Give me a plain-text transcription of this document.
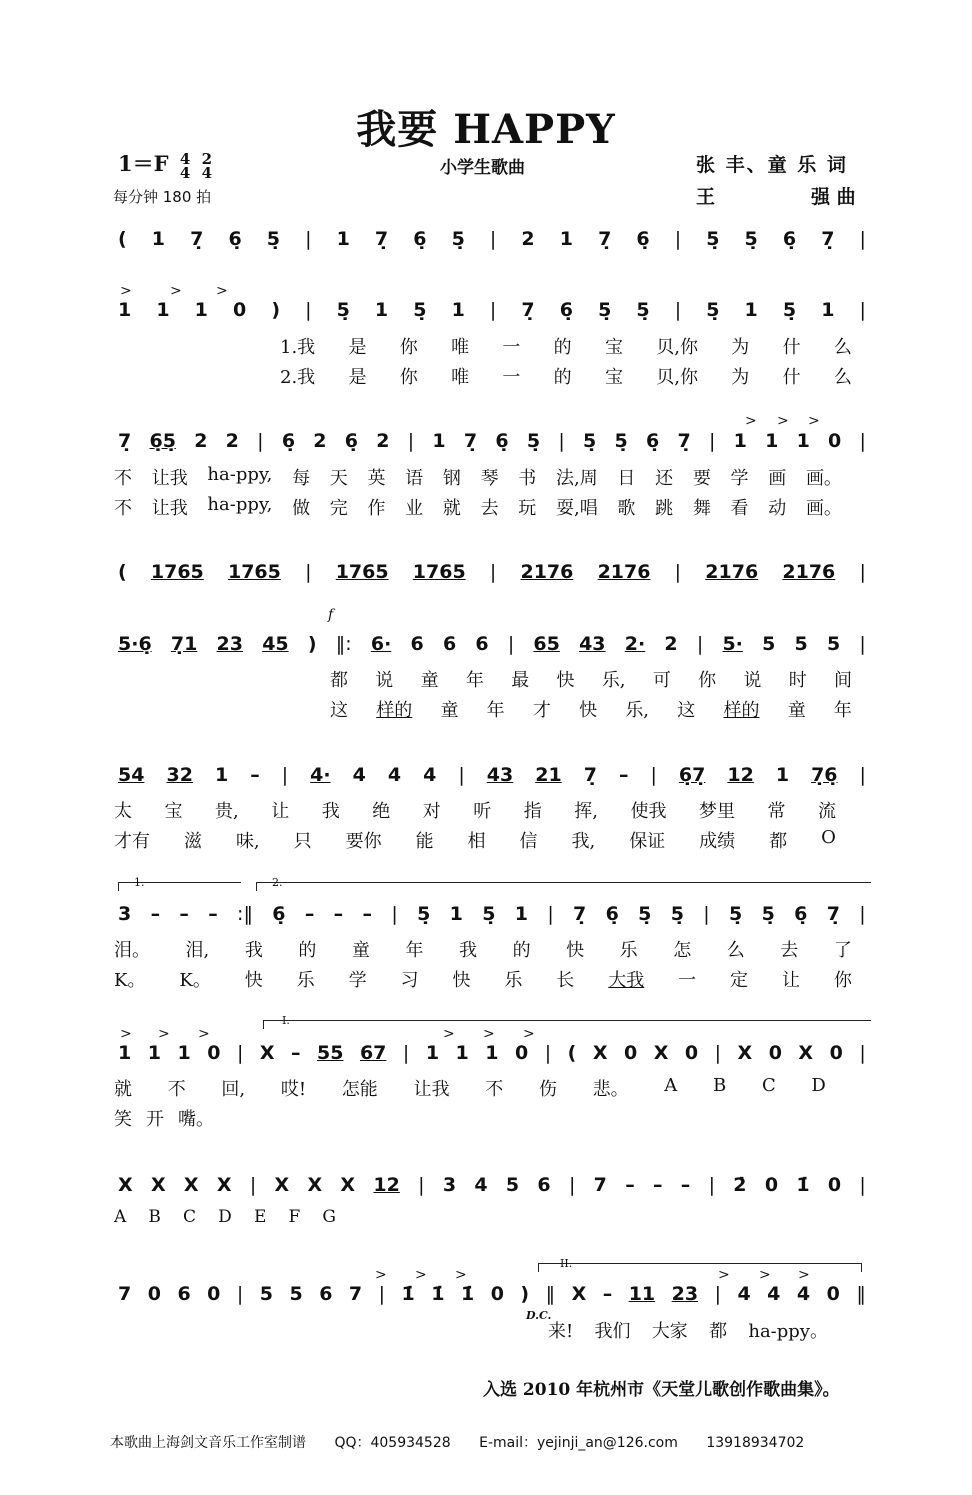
我要 HAPPY
1＝F 4
4

2
4
每分钟 180 拍
小学生歌曲	张 丰、童 乐 词
王	强 曲
( 1 7̣ 6̣ 5̣ | 1 7̣ 6̣ 5̣ | 2 1 7̣ 6̣ | 5̣ 5̣ 6̣ 7̣ |
1 1 1 0 ) | 5̣ 1 5̣ 1 | 7̣ 6̣ 5̣ 5̣ | 5̣ 1 5̣ 1 |
1.我 是 你 唯 一 的 宝 贝,你 为 什 么
2.我 是 你 唯 一 的 宝 贝,你 为 什 么
7̣ 6̣5̣ 2 2 | 6̣ 2 6̣ 2 | 1 7̣ 6̣ 5̣ | 5̣ 5̣ 6̣ 7̣ | 1 1 1 0 |
不 让我 ha-ppy, 每 天 英 语 钢 琴 书 法,周 日 还 要 学 画 画。
不 让我 ha-ppy, 做 完 作 业 就 去 玩 耍,唱 歌 跳 舞 看 动 画。
( 1765 1765 | 1765 1765 | 2176 2176 | 2176 2176 |
f
5·6̣ 7̣1 23 45 ) ‖: 6· 6 6 6 | 65 43 2· 2 | 5· 5 5 5 |
都 说 童 年 最 快 乐, 可 你 说 时 间
这 样的 童 年 才 快 乐, 这 样的 童 年
54 32 1 – | 4· 4 4 4 | 43 21 7̣ – | 6̣7̣ 12 1 7̣6̣ |
太 宝 贵, 让 我 绝 对 听 指 挥, 使我 梦里 常 流
才有 滋 味, 只 要你 能 相 信 我, 保证 成绩 都 O
1.	2.
3 – – – :‖ 6̣ – – – | 5̣ 1 5̣ 1 | 7̣ 6̣ 5̣ 5̣ | 5̣ 5̣ 6̣ 7̣ |
泪。 泪, 我 的 童 年 我 的 快 乐 怎 么 去 了
K。 K。 快 乐 学 习 快 乐 长 大我 一 定 让 你
I.
1 1 1 0 | X – 55 67 | 1 1 1 0 | ( X 0 X 0 | X 0 X 0 |
就 不 回, 哎! 怎能 让我 不 伤 悲。 A B C D
笑 开 嘴。
X X X X | X X X 12 | 3 4 5 6 | 7 – – – | 2̇ 0 1̇ 0 |
A B C D E F G
II.
7 0 6 0 | 5 5 6 7 | 1̇ 1̇ 1̇ 0 ) ‖ X – 11 23 | 4 4 4 0 ‖
D.C.
来! 我们 大家 都 ha-ppy。
入选 2010 年杭州市《天堂儿歌创作歌曲集》。
本歌曲上海剑文音乐工作室制谱 QQ：405934528 E-mail：yejinji_an@126.com 13918934702
>	> >
> > >
> > >	> > >
> > >	> > >
